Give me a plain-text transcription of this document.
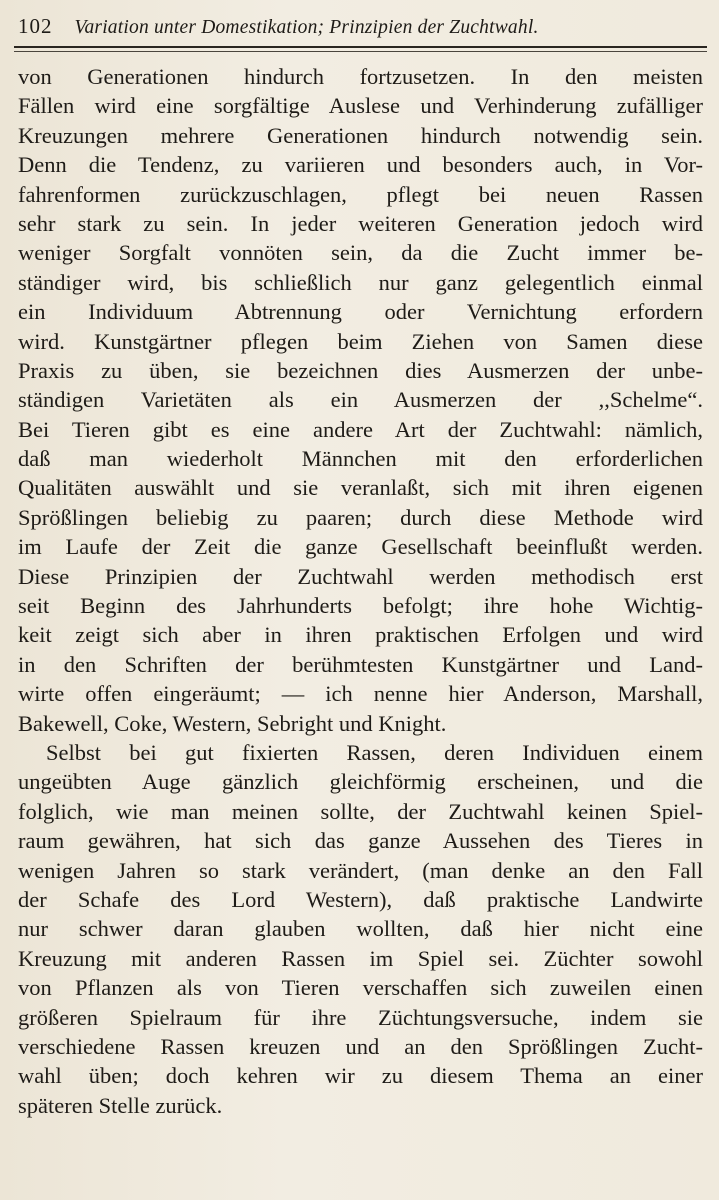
102 Variation unter Domestikation; Prinzipien der Zuchtwahl.
von Generationen hindurch fortzusetzen. In den meisten
Fällen wird eine sorgfältige Auslese und Verhinderung zufälliger
Kreuzungen mehrere Generationen hindurch notwendig sein.
Denn die Tendenz, zu variieren und besonders auch, in Vor-
fahrenformen zurückzuschlagen, pflegt bei neuen Rassen
sehr stark zu sein. In jeder weiteren Generation jedoch wird
weniger Sorgfalt vonnöten sein, da die Zucht immer be-
ständiger wird, bis schließlich nur ganz gelegentlich einmal
ein Individuum Abtrennung oder Vernichtung erfordern
wird. Kunstgärtner pflegen beim Ziehen von Samen diese
Praxis zu üben, sie bezeichnen dies Ausmerzen der unbe-
ständigen Varietäten als ein Ausmerzen der ,,Schelme“.
Bei Tieren gibt es eine andere Art der Zuchtwahl: nämlich,
daß man wiederholt Männchen mit den erforderlichen
Qualitäten auswählt und sie veranlaßt, sich mit ihren eigenen
Sprößlingen beliebig zu paaren; durch diese Methode wird
im Laufe der Zeit die ganze Gesellschaft beeinflußt werden.
Diese Prinzipien der Zuchtwahl werden methodisch erst
seit Beginn des Jahrhunderts befolgt; ihre hohe Wichtig-
keit zeigt sich aber in ihren praktischen Erfolgen und wird
in den Schriften der berühmtesten Kunstgärtner und Land-
wirte offen eingeräumt; — ich nenne hier Anderson, Marshall,
Bakewell, Coke, Western, Sebright und Knight.
Selbst bei gut fixierten Rassen, deren Individuen einem
ungeübten Auge gänzlich gleichförmig erscheinen, und die
folglich, wie man meinen sollte, der Zuchtwahl keinen Spiel-
raum gewähren, hat sich das ganze Aussehen des Tieres in
wenigen Jahren so stark verändert, (man denke an den Fall
der Schafe des Lord Western), daß praktische Landwirte
nur schwer daran glauben wollten, daß hier nicht eine
Kreuzung mit anderen Rassen im Spiel sei. Züchter sowohl
von Pflanzen als von Tieren verschaffen sich zuweilen einen
größeren Spielraum für ihre Züchtungsversuche, indem sie
verschiedene Rassen kreuzen und an den Sprößlingen Zucht-
wahl üben; doch kehren wir zu diesem Thema an einer
späteren Stelle zurück.
